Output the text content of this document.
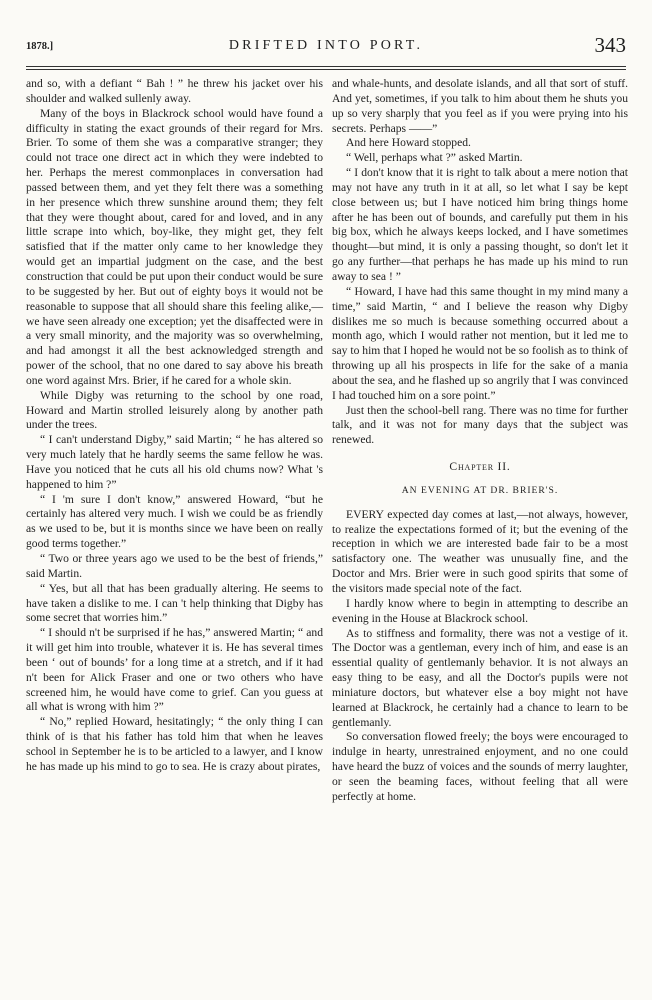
1878.]	DRIFTED INTO PORT.	343

and so, with a defiant “ Bah ! ” he threw his jacket over his shoulder and walked sullenly away.

Many of the boys in Blackrock school would have found a difficulty in stating the exact grounds of their regard for Mrs. Brier. To some of them she was a comparative stranger; they could not trace one direct act in which they were indebted to her. Perhaps the merest commonplaces in conversation had passed between them, and yet they felt there was a something in her presence which threw sunshine around them; they felt that they were thought about, cared for and loved, and in any little scrape into which, boy-like, they might get, they felt satisfied that if the matter only came to her knowledge they would get an impartial judgment on the case, and the best construction that could be put upon their conduct would be sure to be suggested by her. But out of eighty boys it would not be reasonable to suppose that all should share this feeling alike,—we have seen already one exception; yet the disaffected were in a very small minority, and the majority was so overwhelming, and had amongst it all the best acknowledged strength and power of the school, that no one dared to say above his breath one word against Mrs. Brier, if he cared for a whole skin.

While Digby was returning to the school by one road, Howard and Martin strolled leisurely along by another path under the trees.

“ I can't understand Digby,” said Martin; “ he has altered so very much lately that he hardly seems the same fellow he was. Have you noticed that he cuts all his old chums now? What 's happened to him ?”

“ I 'm sure I don't know,” answered Howard, “but he certainly has altered very much. I wish we could be as friendly as we used to be, but it is months since we have been on really good terms together.”

“ Two or three years ago we used to be the best of friends,” said Martin.

“ Yes, but all that has been gradually altering. He seems to have taken a dislike to me. I can 't help thinking that Digby has some secret that worries him.”

“ I should n't be surprised if he has,” answered Martin; “ and it will get him into trouble, whatever it is. He has several times been ‘ out of bounds’ for a long time at a stretch, and if it had n't been for Alick Fraser and one or two others who have screened him, he would have come to grief. Can you guess at all what is wrong with him ?”

“ No,” replied Howard, hesitatingly; “ the only thing I can think of is that his father has told him that when he leaves school in September he is to be articled to a lawyer, and I know he has made up his mind to go to sea. He is crazy about pirates,

and whale-hunts, and desolate islands, and all that sort of stuff. And yet, sometimes, if you talk to him about them he shuts you up so very sharply that you feel as if you were prying into his secrets. Perhaps ——”

And here Howard stopped.

“ Well, perhaps what ?” asked Martin.

“ I don't know that it is right to talk about a mere notion that may not have any truth in it at all, so let what I say be kept close between us; but I have noticed him bring things home after he has been out of bounds, and carefully put them in his big box, which he always keeps locked, and I have sometimes thought—but mind, it is only a passing thought, so don't let it go any further—that perhaps he has made up his mind to run away to sea ! ”

“ Howard, I have had this same thought in my mind many a time,” said Martin, “ and I believe the reason why Digby dislikes me so much is because something occurred about a month ago, which I would rather not mention, but it led me to say to him that I hoped he would not be so foolish as to think of throwing up all his prospects in life for the sake of a mania about the sea, and he flashed up so angrily that I was convinced I had touched him on a sore point.”

Just then the school-bell rang. There was no time for further talk, and it was not for many days that the subject was renewed.

Chapter II.
AN EVENING AT DR. BRIER'S.

EVERY expected day comes at last,—not always, however, to realize the expectations formed of it; but the evening of the reception in which we are interested bade fair to be a most satisfactory one. The weather was unusually fine, and the Doctor and Mrs. Brier were in such good spirits that some of the visitors made special note of the fact.

I hardly know where to begin in attempting to describe an evening in the House at Blackrock school.

As to stiffness and formality, there was not a vestige of it. The Doctor was a gentleman, every inch of him, and ease is an essential quality of gentlemanly behavior. It is not always an easy thing to be easy, and all the Doctor's pupils were not miniature doctors, but whatever else a boy might not have learned at Blackrock, he certainly had a chance to learn to be gentlemanly.

So conversation flowed freely; the boys were encouraged to indulge in hearty, unrestrained enjoyment, and no one could have heard the buzz of voices and the sounds of merry laughter, or seen the beaming faces, without feeling that all were perfectly at home.
